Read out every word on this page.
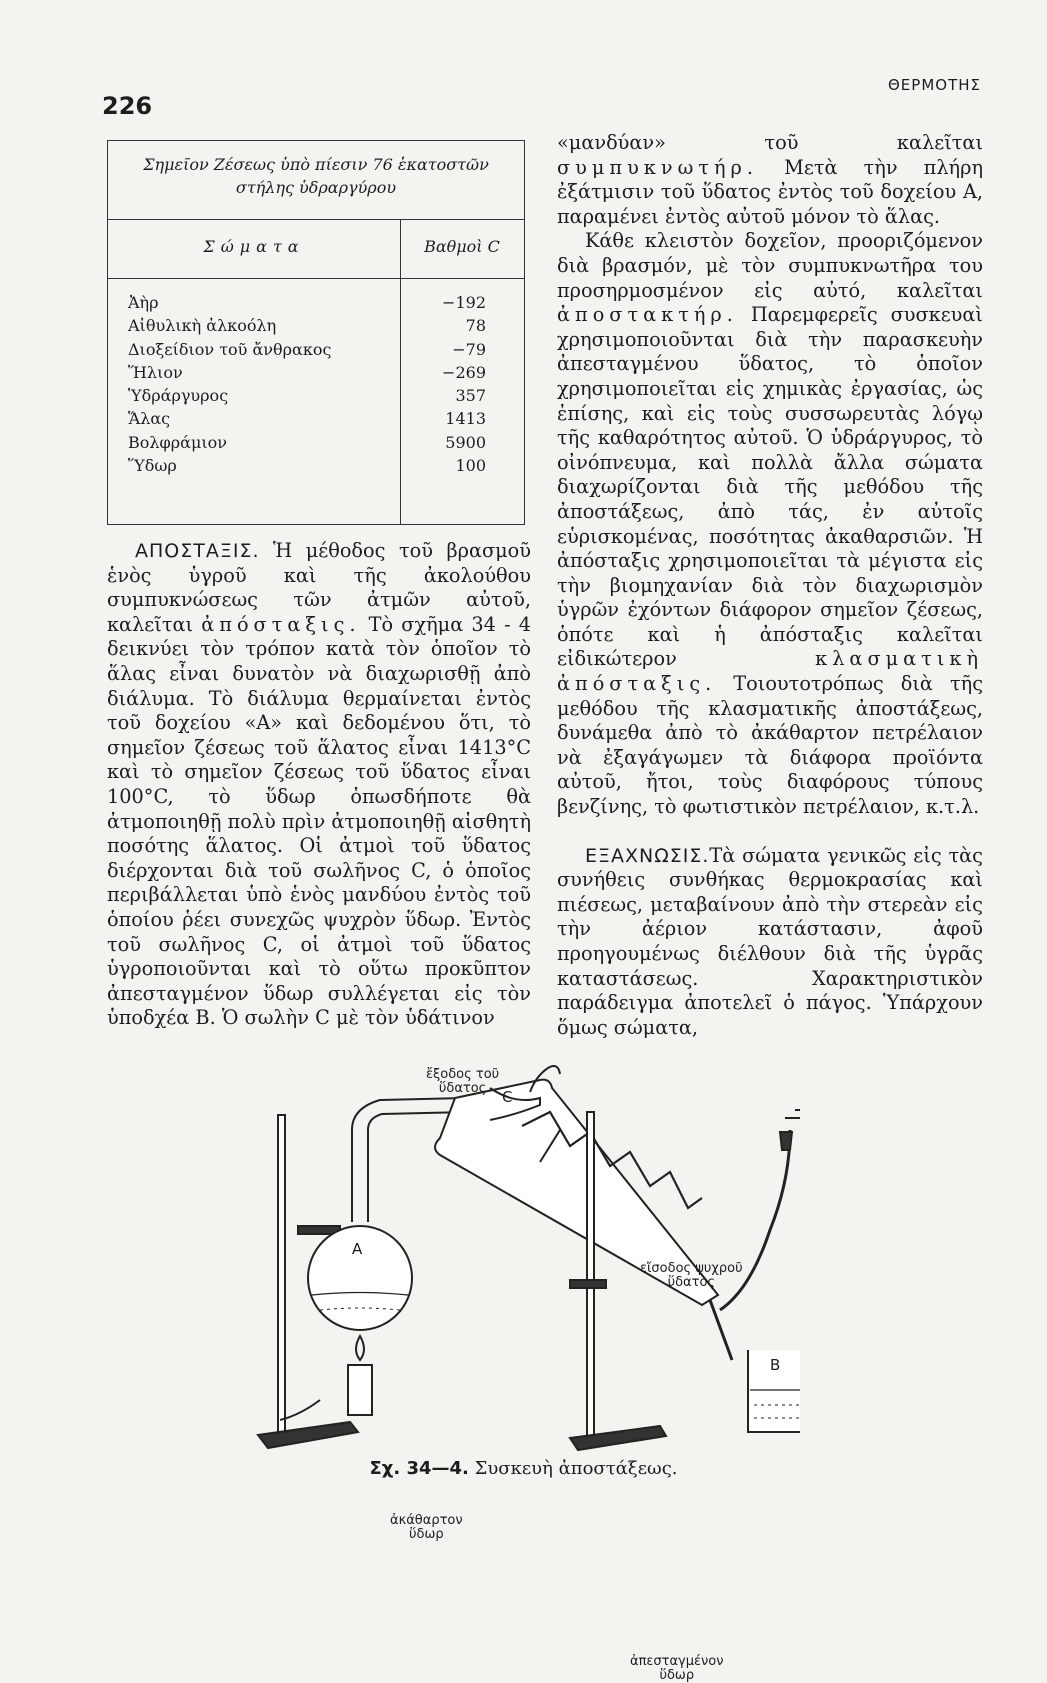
226
ΘΕΡΜΟΤΗΣ
Σημεῖον Ζέσεως ὑπὸ πίεσιν 76 ἑκατοστῶν
στήλης ὑδραργύρου
Σώματα	Βαθμοὶ C
Ἀὴρ	−192
Αἰθυλικὴ ἀλκοόλη	78
Διοξείδιον τοῦ ἄνθρακος	−79
Ἥλιον	−269
Ὑδράργυρος	357
Ἅλας	1413
Βολφράμιον	5900
Ὕδωρ	100

ΑΠΟΣΤΑΞΙΣ. Ἡ μέθοδος τοῦ βρασμοῦ ἑνὸς ὑγροῦ καὶ τῆς ἀκολούθου συμπυκνώσεως τῶν ἀτμῶν αὐτοῦ, καλεῖται ἀπόσταξις. Τὸ σχῆμα 34 - 4 δεικνύει τὸν τρόπον κατὰ τὸν ὁποῖον τὸ ἅλας εἶναι δυνατὸν νὰ διαχωρισθῇ ἀπὸ διάλυμα. Τὸ διάλυμα θερμαίνεται ἐντὸς τοῦ δοχείου «Α» καὶ δεδομένου ὅτι, τὸ σημεῖον ζέσεως τοῦ ἅλατος εἶναι 1413°C καὶ τὸ σημεῖον ζέσεως τοῦ ὕδατος εἶναι 100°C, τὸ ὕδωρ ὁπωσδήποτε θὰ ἀτμοποιηθῇ πολὺ πρὶν ἀτμοποιηθῇ αἰσθητὴ ποσότης ἅλατος. Οἱ ἀτμοὶ τοῦ ὕδατος διέρχονται διὰ τοῦ σωλῆνος C, ὁ ὁποῖος περιβάλλεται ὑπὸ ἑνὸς μανδύου ἐντὸς τοῦ ὁποίου ῥέει συνεχῶς ψυχρὸν ὕδωρ. Ἐντὸς τοῦ σωλῆνος C, οἱ ἀτμοὶ τοῦ ὕδατος ὑγροποιοῦνται καὶ τὸ οὕτω προκῦπτον ἀπεσταγμένον ὕδωρ συλλέγεται εἰς τὸν ὑποδχέα Β. Ὁ σωλὴν C μὲ τὸν ὑδάτινον

«μανδύαν» τοῦ καλεῖται συμπυκνωτήρ. Μετὰ τὴν πλήρη ἐξάτμισιν τοῦ ὕδατος ἐντὸς τοῦ δοχείου Α, παραμένει ἐντὸς αὐτοῦ μόνον τὸ ἅλας.

Κάθε κλειστὸν δοχεῖον, προοριζόμενον διὰ βρασμόν, μὲ τὸν συμπυκνωτῆρα του προσηρμοσμένον εἰς αὐτό, καλεῖται ἀποστακτήρ. Παρεμφερεῖς συσκευαὶ χρησιμοποιοῦνται διὰ τὴν παρασκευὴν ἀπεσταγμένου ὕδατος, τὸ ὁποῖον χρησιμοποιεῖται εἰς χημικὰς ἐργασίας, ὡς ἐπίσης, καὶ εἰς τοὺς συσσωρευτὰς λόγῳ τῆς καθαρότητος αὐτοῦ. Ὁ ὑδράργυρος, τὸ οἰνόπνευμα, καὶ πολλὰ ἄλλα σώματα διαχωρίζονται διὰ τῆς μεθόδου τῆς ἀποστάξεως, ἀπὸ τάς, ἐν αὐτοῖς εὑρισκομένας, ποσότητας ἀκαθαρσιῶν. Ἡ ἀπόσταξις χρησιμοποιεῖται τὰ μέγιστα εἰς τὴν βιομηχανίαν διὰ τὸν διαχωρισμὸν ὑγρῶν ἐχόντων διάφορον σημεῖον ζέσεως, ὁπότε καὶ ἡ ἀπόσταξις καλεῖται εἰδικώτερον	κλασματικὴ ἀπόσταξις. Τοιουτοτρόπως διὰ τῆς μεθόδου τῆς κλασματικῆς ἀποστάξεως, δυνάμεθα ἀπὸ τὸ ἀκάθαρτον πετρέλαιον νὰ ἐξαγάγωμεν τὰ διάφορα προϊόντα αὐτοῦ, ἤτοι, τοὺς διαφόρους τύπους βενζίνης, τὸ φωτιστικὸν πετρέλαιον, κ.τ.λ.

ΕΞΑΧΝΩΣΙΣ.Τὰ σώματα γενικῶς εἰς τὰς συνήθεις συνθήκας θερμοκρασίας καὶ πιέσεως, μεταβαίνουν ἀπὸ τὴν στερεὰν εἰς τὴν ἀέριον κατάστασιν, ἀφοῦ προηγουμένως διέλθουν διὰ τῆς ὑγρᾶς καταστάσεως. Χαρακτηριστικὸν παράδειγμα ἀποτελεῖ ὁ πάγος. Ὑπάρχουν ὅμως σώματα,

ἔξοδος τοῦ
ὕδατος
εἴσοδος ψυχροῦ
ὕδατος
ἀκάθαρτον
ὕδωρ
ἀπεσταγμένον
ὕδωρ
Α
C
Β
Σχ. 34—4. Συσκευὴ ἀποστάξεως.
